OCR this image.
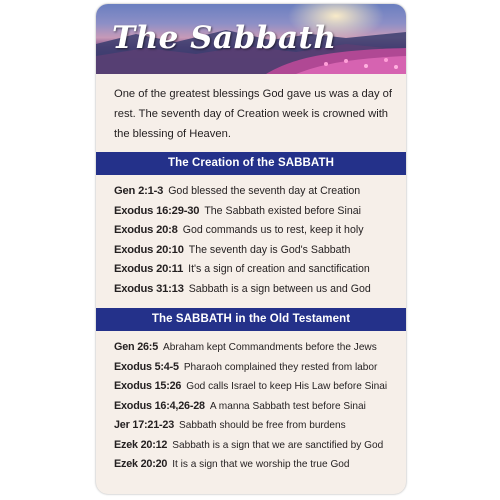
The Sabbath
One of the greatest blessings God gave us was a day of rest. The seventh day of Creation week is crowned with the blessing of Heaven.
The Creation of the SABBATH
Gen 2:1-3 God blessed the seventh day at Creation
Exodus 16:29-30 The Sabbath existed before Sinai
Exodus 20:8 God commands us to rest, keep it holy
Exodus 20:10 The seventh day is God's Sabbath
Exodus 20:11 It's a sign of creation and sanctification
Exodus 31:13 Sabbath is a sign between us and God
The SABBATH in the Old Testament
Gen 26:5 Abraham kept Commandments before the Jews
Exodus 5:4-5 Pharaoh complained they rested from labor
Exodus 15:26 God calls Israel to keep His Law before Sinai
Exodus 16:4,26-28 A manna Sabbath test before Sinai
Jer 17:21-23 Sabbath should be free from burdens
Ezek 20:12 Sabbath is a sign that we are sanctified by God
Ezek 20:20 It is a sign that we worship the true God
